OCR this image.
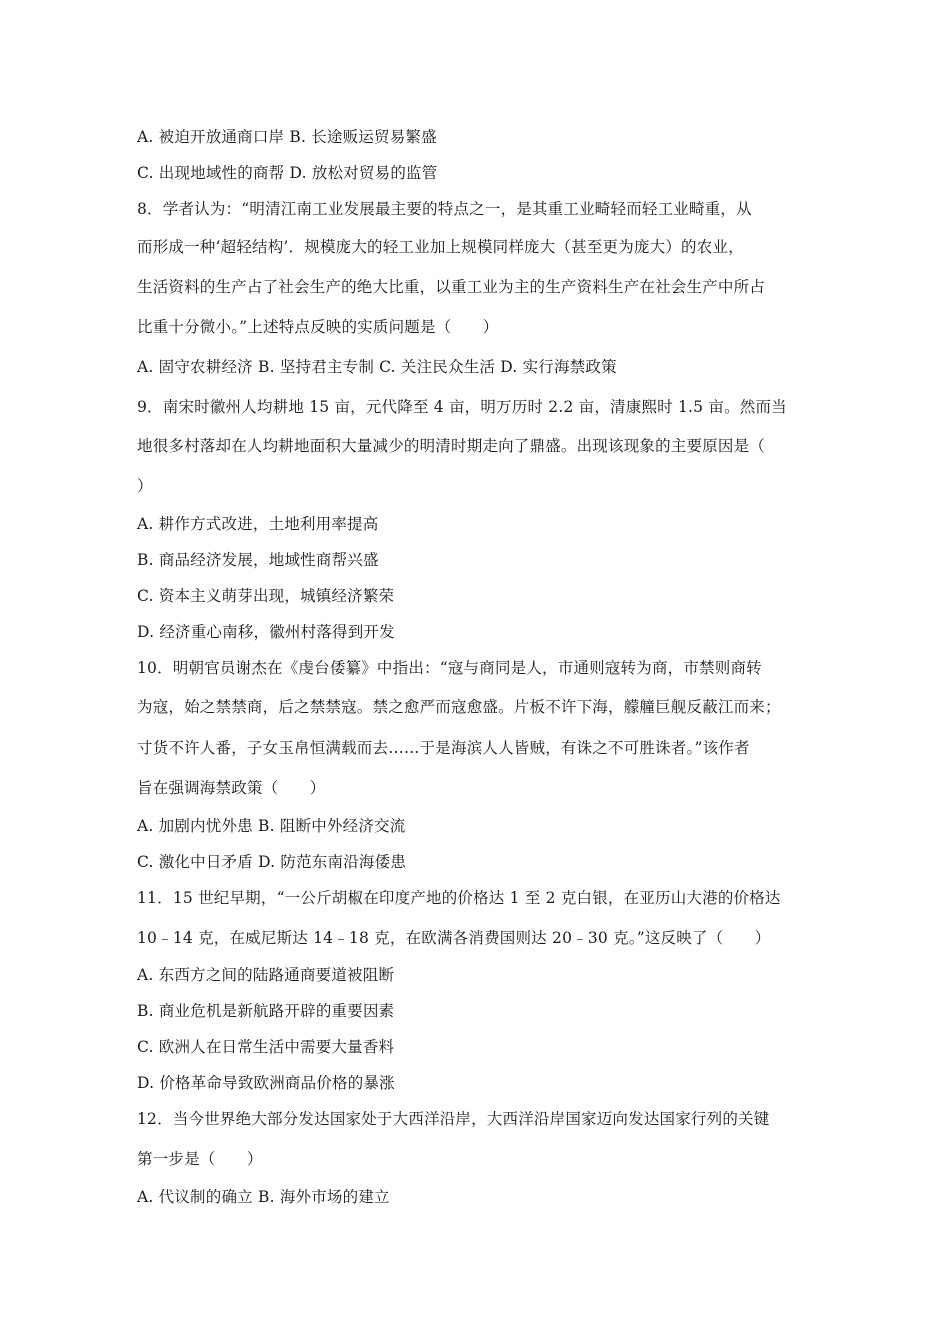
A. 被迫开放通商口岸 B. 长途贩运贸易繁盛
C. 出现地域性的商帮 D. 放松对贸易的监管
8．学者认为：“明清江南工业发展最主要的特点之一，是其重工业畸轻而轻工业畸重，从
而形成一种‘超轻结构’．规模庞大的轻工业加上规模同样庞大（甚至更为庞大）的农业，
生活资料的生产占了社会生产的绝大比重，以重工业为主的生产资料生产在社会生产中所占
比重十分微小。”上述特点反映的实质问题是（　　）
A. 固守农耕经济 B. 坚持君主专制 C. 关注民众生活 D. 实行海禁政策
9．南宋时徽州人均耕地 15 亩，元代降至 4 亩，明万历时 2.2 亩，清康熙时 1.5 亩。然而当
地很多村落却在人均耕地面积大量减少的明清时期走向了鼎盛。出现该现象的主要原因是（
）
A. 耕作方式改进，土地利用率提高
B. 商品经济发展，地域性商帮兴盛
C. 资本主义萌芽出现，城镇经济繁荣
D. 经济重心南移，徽州村落得到开发
10．明朝官员谢杰在《虔台倭纂》中指出：“寇与商同是人，市通则寇转为商，市禁则商转
为寇，始之禁禁商，后之禁禁寇。禁之愈严而寇愈盛。片板不许下海，艨艟巨舰反蔽江而来；
寸货不许人番，子女玉帛恒满载而去……于是海滨人人皆贼，有诛之不可胜诛者。”该作者
旨在强调海禁政策（　　）
A. 加剧内忧外患 B. 阻断中外经济交流
C. 激化中日矛盾 D. 防范东南沿海倭患
11．15 世纪早期，“一公斤胡椒在印度产地的价格达 1 至 2 克白银，在亚历山大港的价格达
10﹣14 克，在威尼斯达 14﹣18 克，在欧满各消费国则达 20﹣30 克。”这反映了（　　）
A. 东西方之间的陆路通商要道被阻断
B. 商业危机是新航路开辟的重要因素
C. 欧洲人在日常生活中需要大量香料
D. 价格革命导致欧洲商品价格的暴涨
12．当今世界绝大部分发达国家处于大西洋沿岸，大西洋沿岸国家迈向发达国家行列的关键
第一步是（　　）
A. 代议制的确立 B. 海外市场的建立
